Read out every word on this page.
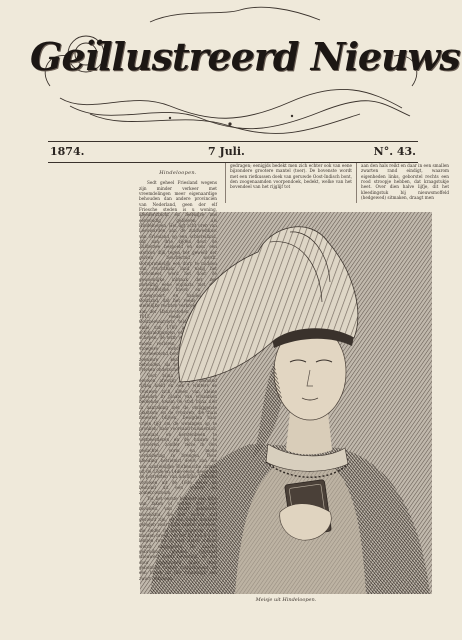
Geïllustreerd Nieuws
1874.	7 Juli.	N°. 43.
Hindeloopen.

Sedt geheel Friesland wegens zijn minder verkeer met vreemdelingen meer eigenaardige behouden dan andere provinciën van Nederland, geen der elf Friesche steden is u woning,

gedragen; eenigjds bedekt men zich echter ook van eene bijzondere grootere mantel (toer). De bovenste wordt met een rietkussen doek van geruwde Oost-Indisch bont, den zoogenaamden voorpendoek, bedekt, welke van het bovendeel van het rijglijf tot

aan den hals reikt en daar in een smallen zwarten rand eindigt, waarom eigenheden links, geborstel rechts een rood stroopje hebben, dat kraagstukje heet. Over dien halve lijfje, dit het kleedingstuk bij nieuwsmoffeld (hedgewed) sitmaken, draagt men

Meisje uit Hindeloopen.
